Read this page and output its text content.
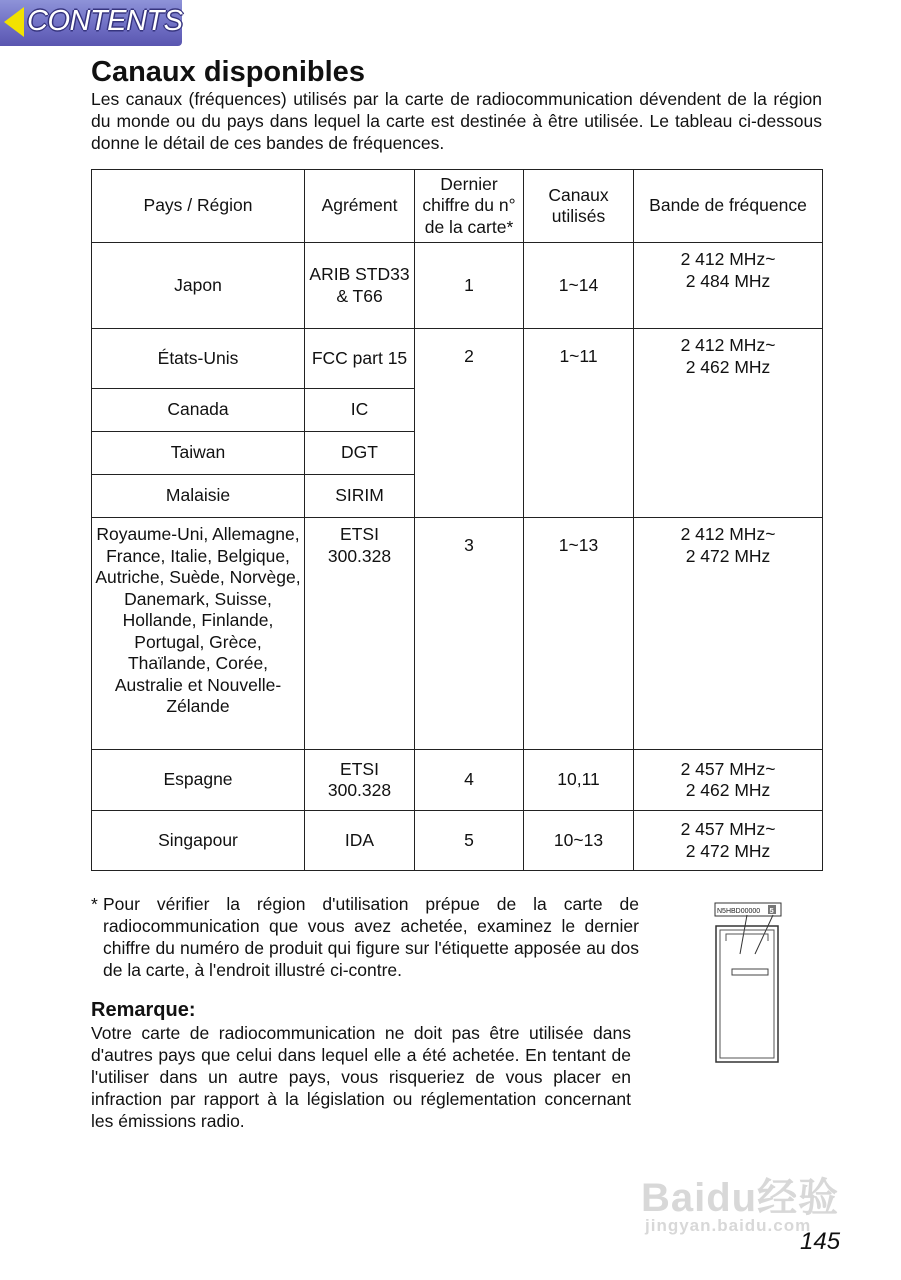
CONTENTS
Canaux disponibles

Les canaux (fréquences) utilisés par la carte de radiocommunication dévendent de la région du monde ou du pays dans lequel la carte est destinée à être utilisée. Le tableau ci-dessous donne le détail de ces bandes de fréquences.

Pays / Région	Agrément	Dernier chiffre du n° de la carte*	Canaux utilisés	Bande de fréquence
Japon	ARIB STD33 & T66	1	1~14	2 412 MHz~
2 484 MHz
États-Unis	FCC part 15	2	1~11	2 412 MHz~
2 462 MHz
Canada	IC			
Taiwan	DGT			
Malaisie	SIRIM			
Royaume-Uni, Allemagne, France, Italie, Belgique, Autriche, Suède, Norvège, Danemark, Suisse, Hollande, Finlande, Portugal, Grèce, Thaïlande, Corée, Australie et Nouvelle-Zélande	ETSI 300.328	3	1~13	2 412 MHz~
2 472 MHz
Espagne	ETSI 300.328	4	10,11	2 457 MHz~
2 462 MHz
Singapour	IDA	5	10~13	2 457 MHz~
2 472 MHz

* Pour vérifier la région d'utilisation prépue de la carte de radiocommunication que vous avez achetée, examinez le dernier chiffre du numéro de produit qui figure sur l'étiquette apposée au dos de la carte, à l'endroit illustré ci-contre.

N5HBD00000 5
Remarque:

Votre carte de radiocommunication ne doit pas être utilisée dans d'autres pays que celui dans lequel elle a été achetée. En tentant de l'utiliser dans un autre pays, vous risqueriez de vous placer en infraction par rapport à la législation ou réglementation concernant les émissions radio.

Baidu经验
jingyan.baidu.com
145
